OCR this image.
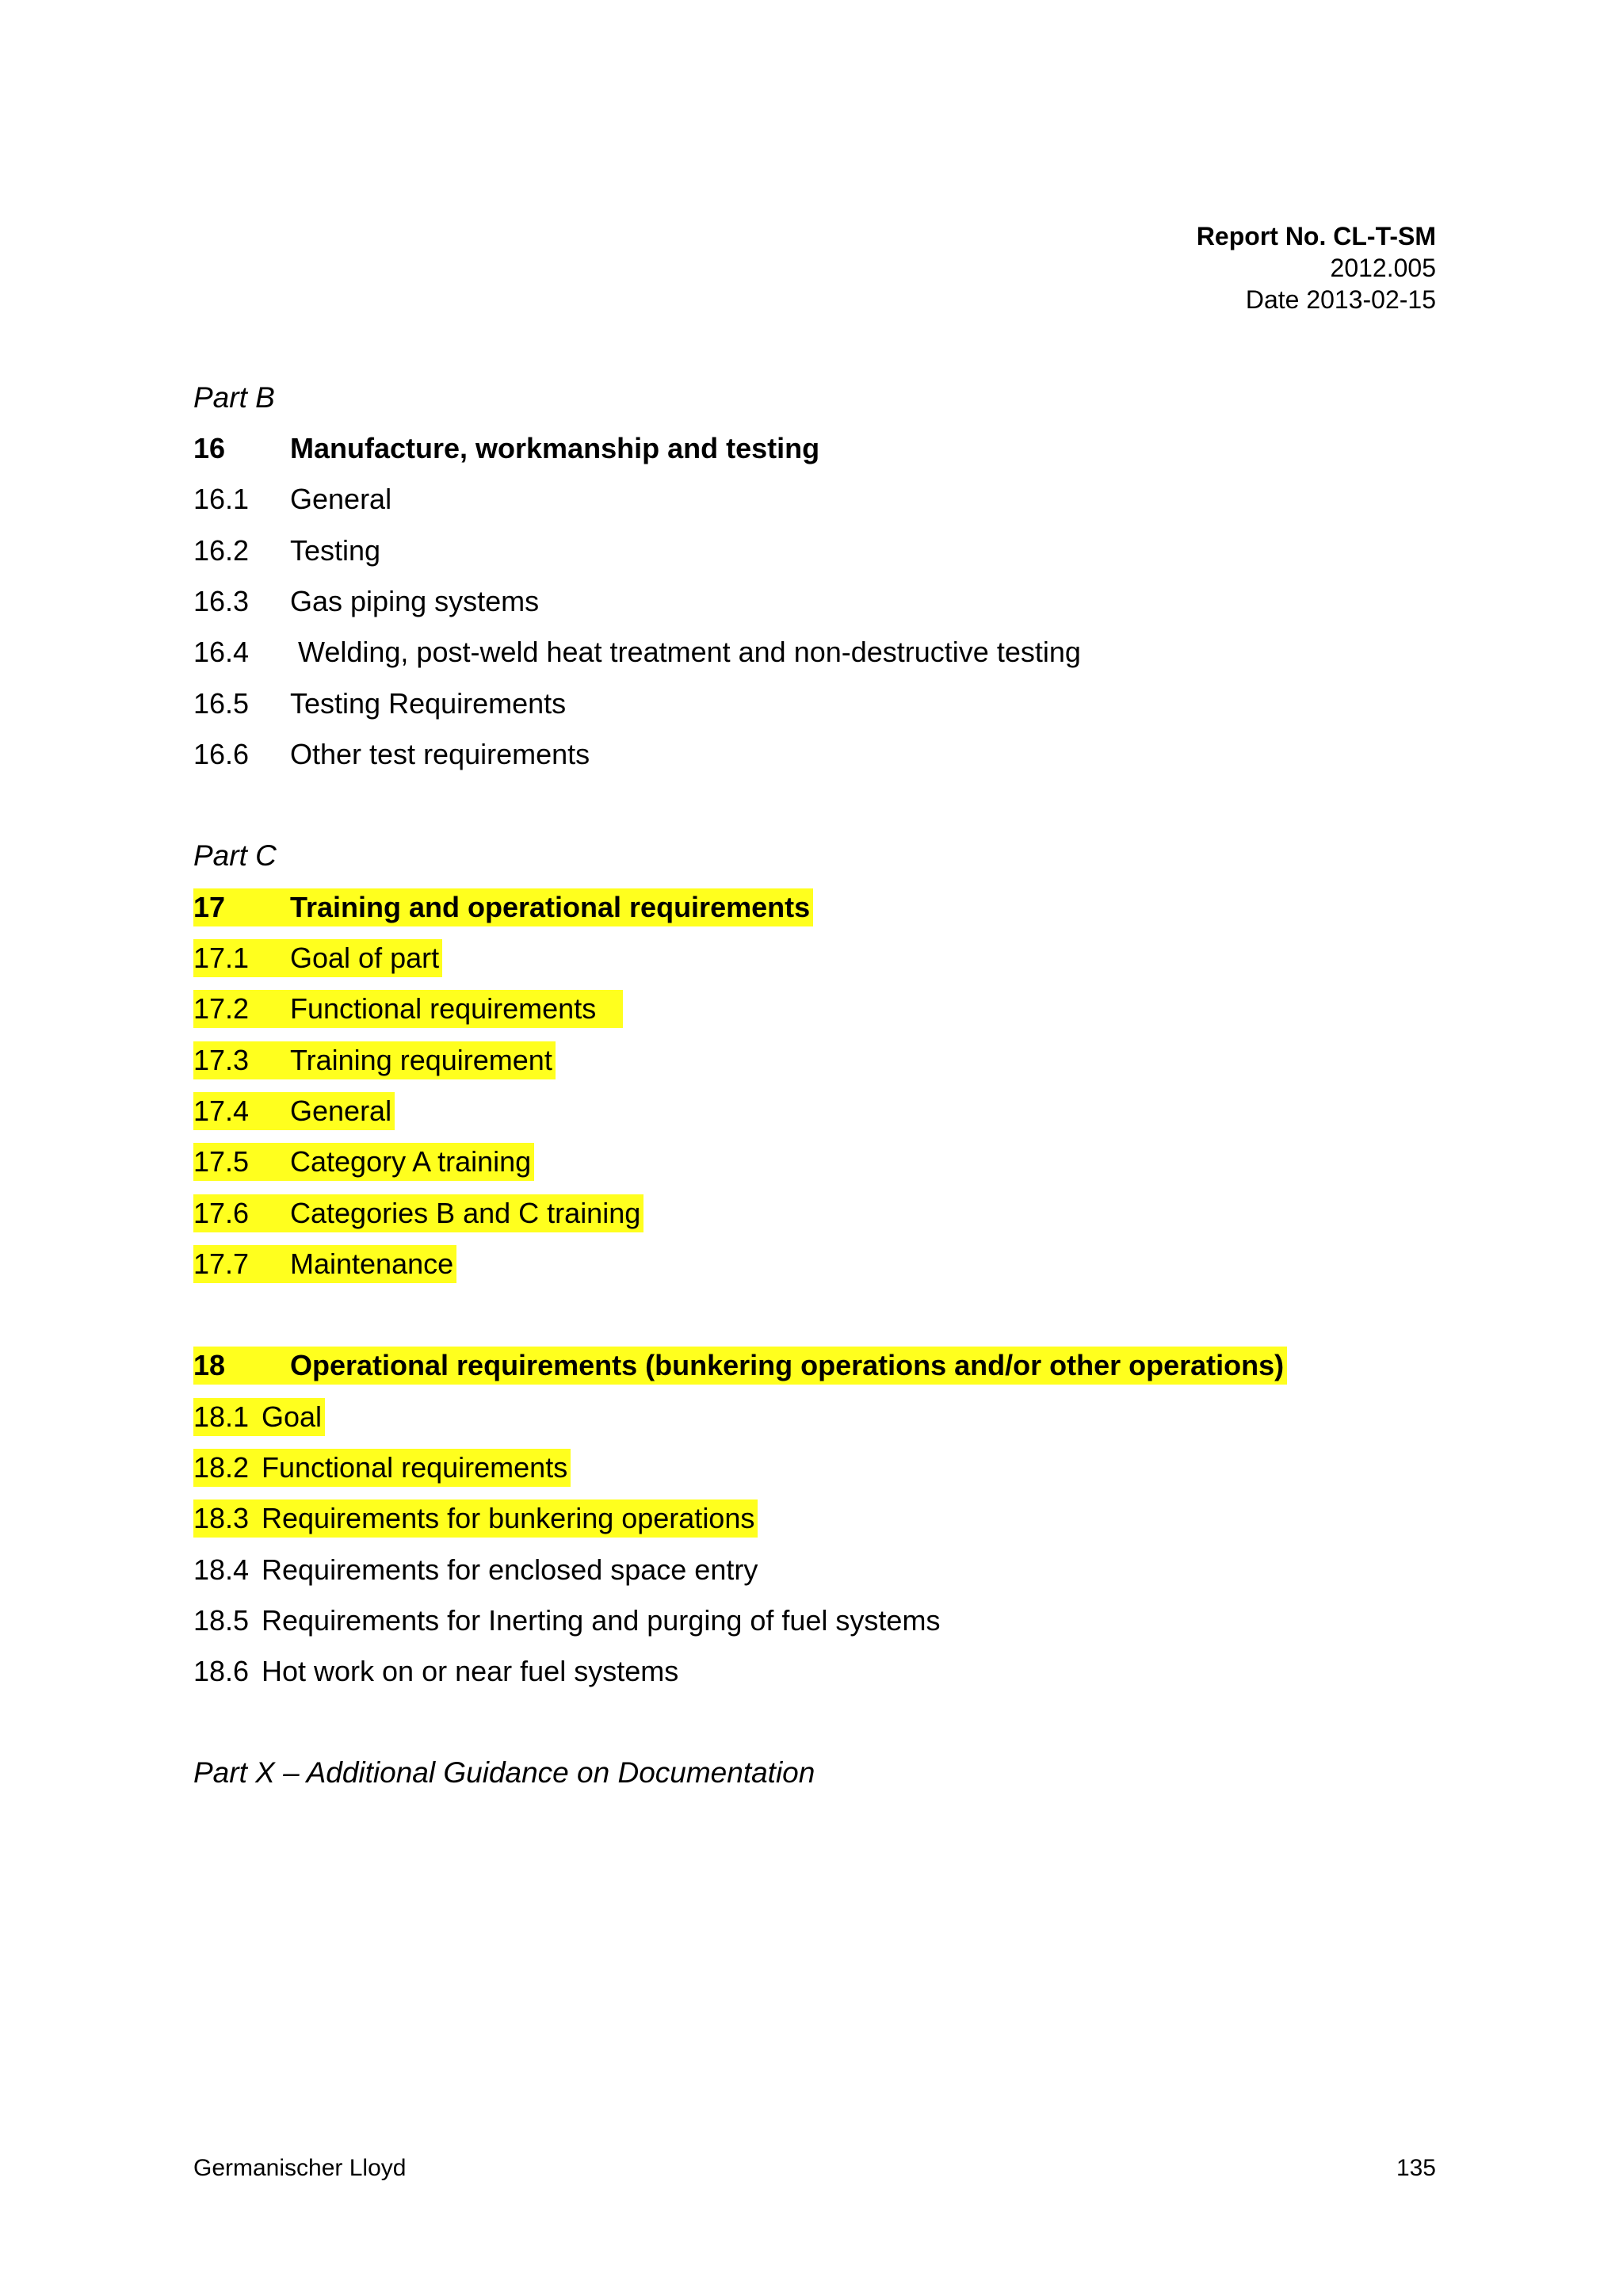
Report No. CL-T-SM
2012.005
Date 2013-02-15
Part B
16 Manufacture, workmanship and testing
16.1 General
16.2 Testing
16.3 Gas piping systems
16.4 Welding, post-weld heat treatment and non-destructive testing
16.5 Testing Requirements
16.6 Other test requirements
Part C
17 Training and operational requirements
17.1 Goal of part
17.2 Functional requirements
17.3 Training requirement
17.4 General
17.5 Category A training
17.6 Categories B and C training
17.7 Maintenance
18 Operational requirements (bunkering operations and/or other operations)
18.1 Goal
18.2 Functional requirements
18.3 Requirements for bunkering operations
18.4 Requirements for enclosed space entry
18.5 Requirements for Inerting and purging of fuel systems
18.6 Hot work on or near fuel systems
Part X – Additional Guidance on Documentation
Germanischer Lloyd	135
